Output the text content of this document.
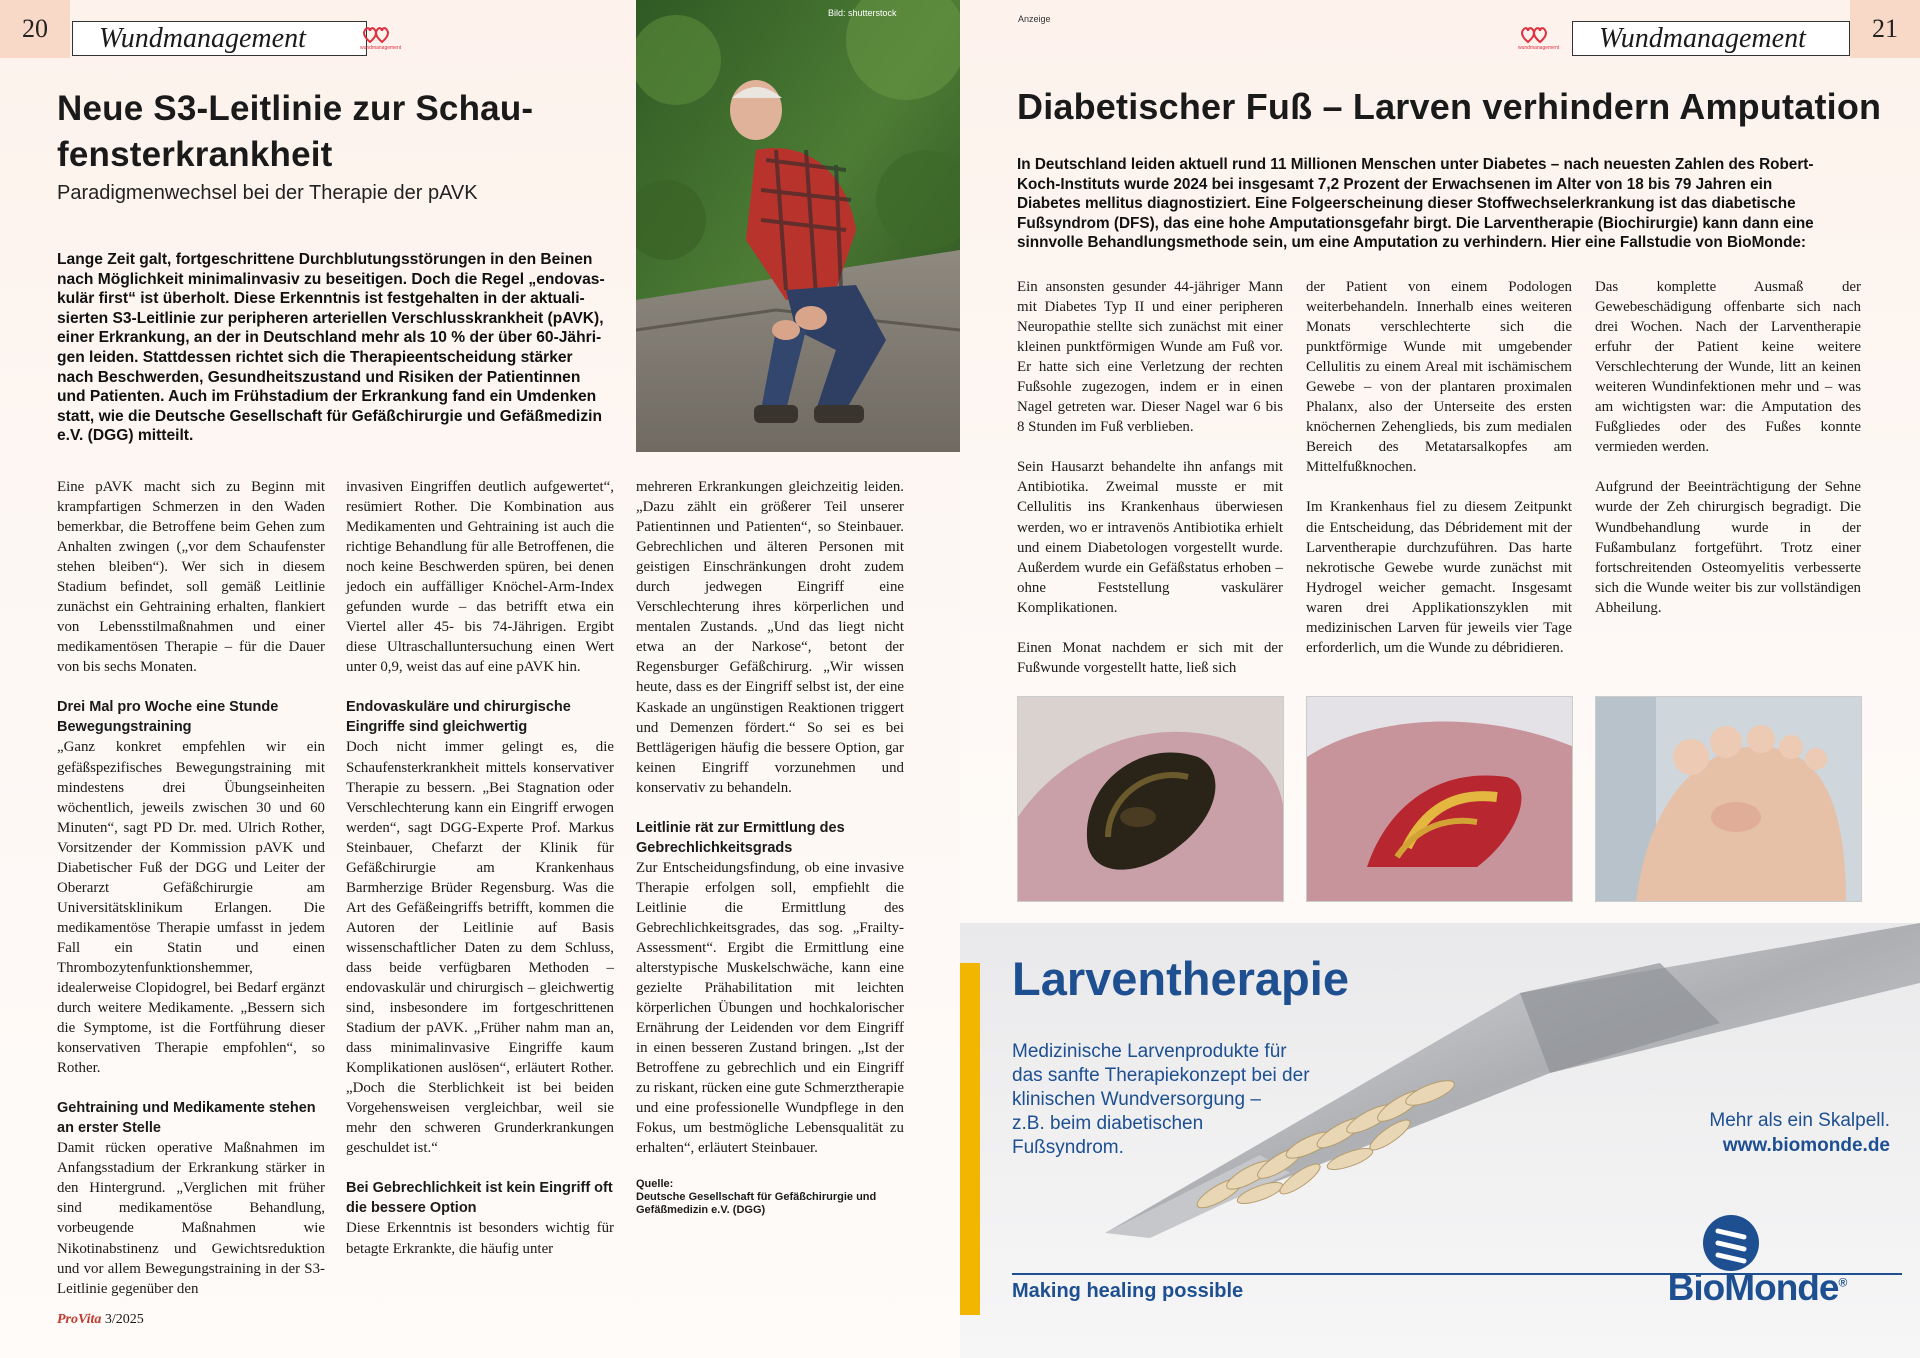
20	Wundmanagement	wundmanagement
Neue S3-Leitlinie zur Schau-
fensterkrankheit
Paradigmenwechsel bei der Therapie der pAVK
Bild: shutterstock
Lange Zeit galt, fortgeschrittene Durchblutungsstörungen in den Beinen
nach Möglichkeit minimalinvasiv zu beseitigen. Doch die Regel „endovas-
kulär first“ ist überholt. Diese Erkenntnis ist festgehalten in der aktuali-
sierten S3-Leitlinie zur peripheren arteriellen Verschlusskrankheit (pAVK),
einer Erkrankung, an der in Deutschland mehr als 10 % der über 60-Jähri-
gen leiden. Stattdessen richtet sich die Therapieentscheidung stärker
nach Beschwerden, Gesundheitszustand und Risiken der Patientinnen
und Patienten. Auch im Frühstadium der Erkrankung fand ein Umdenken
statt, wie die Deutsche Gesellschaft für Gefäßchirurgie und Gefäßmedizin
e.V. (DGG) mitteilt.

Eine pAVK macht sich zu Beginn mit krampfartigen Schmerzen in den Waden bemerkbar, die Betroffene beim Gehen zum Anhalten zwingen („vor dem Schaufenster stehen bleiben“). Wer sich in diesem Stadium befindet, soll gemäß Leitlinie zunächst ein Gehtraining erhalten, flankiert von Lebensstilmaßnahmen und einer medikamentösen Therapie – für die Dauer von bis sechs Monaten.

Drei Mal pro Woche eine Stunde Bewegungstraining

„Ganz konkret empfehlen wir ein gefäßspezifisches Bewegungstraining mit mindestens drei Übungseinheiten wöchentlich, jeweils zwischen 30 und 60 Minuten“, sagt PD Dr. med. Ulrich Rother, Vorsitzender der Kommission pAVK und Diabetischer Fuß der DGG und Leiter der Oberarzt Gefäßchirurgie am Universitätsklinikum Erlangen. Die medikamentöse Therapie umfasst in jedem Fall ein Statin und einen Thrombozytenfunktionshemmer, idealerweise Clopidogrel, bei Bedarf ergänzt durch weitere Medikamente. „Bessern sich die Symptome, ist die Fortführung dieser konservativen Therapie empfohlen“, so Rother.

Gehtraining und Medikamente stehen an erster Stelle

Damit rücken operative Maßnahmen im Anfangsstadium der Erkrankung stärker in den Hintergrund. „Verglichen mit früher sind medikamentöse Behandlung, vorbeugende Maßnahmen wie Nikotinabstinenz und Gewichtsreduktion und vor allem Bewegungstraining in der S3-Leitlinie gegenüber den

invasiven Eingriffen deutlich aufgewertet“, resümiert Rother. Die Kombination aus Medikamenten und Gehtraining ist auch die richtige Behandlung für alle Betroffenen, die noch keine Beschwerden spüren, bei denen jedoch ein auffälliger Knöchel-Arm-Index gefunden wurde – das betrifft etwa ein Viertel aller 45- bis 74-Jährigen. Ergibt diese Ultraschalluntersuchung einen Wert unter 0,9, weist das auf eine pAVK hin.

Endovaskuläre und chirurgische Eingriffe sind gleichwertig

Doch nicht immer gelingt es, die Schaufensterkrankheit mittels konservativer Therapie zu bessern. „Bei Stagnation oder Verschlechterung kann ein Eingriff erwogen werden“, sagt DGG-Experte Prof. Markus Steinbauer, Chefarzt der Klinik für Gefäßchirurgie am Krankenhaus Barmherzige Brüder Regensburg. Was die Art des Gefäßeingriffs betrifft, kommen die Autoren der Leitlinie auf Basis wissenschaftlicher Daten zu dem Schluss, dass beide verfügbaren Methoden – endovaskulär und chirurgisch – gleichwertig sind, insbesondere im fortgeschrittenen Stadium der pAVK. „Früher nahm man an, dass minimalinvasive Eingriffe kaum Komplikationen auslösen“, erläutert Rother. „Doch die Sterblichkeit ist bei beiden Vorgehensweisen vergleichbar, weil sie mehr den schweren Grunderkrankungen geschuldet ist.“

Bei Gebrechlichkeit ist kein Eingriff oft die bessere Option

Diese Erkenntnis ist besonders wichtig für betagte Erkrankte, die häufig unter

mehreren Erkrankungen gleichzeitig leiden. „Dazu zählt ein größerer Teil unserer Patientinnen und Patienten“, so Steinbauer. Gebrechlichen und älteren Personen mit geistigen Einschränkungen droht zudem durch jedwegen Eingriff eine Verschlechterung ihres körperlichen und mentalen Zustands. „Und das liegt nicht etwa an der Narkose“, betont der Regensburger Gefäßchirurg. „Wir wissen heute, dass es der Eingriff selbst ist, der eine Kaskade an ungünstigen Reaktionen triggert und Demenzen fördert.“ So sei es bei Bettlägerigen häufig die bessere Option, gar keinen Eingriff vorzunehmen und konservativ zu behandeln.

Leitlinie rät zur Ermittlung des Gebrechlichkeitsgrads

Zur Entscheidungsfindung, ob eine invasive Therapie erfolgen soll, empfiehlt die Leitlinie die Ermittlung des Gebrechlichkeitsgrades, das sog. „Frailty-Assessment“. Ergibt die Ermittlung eine alterstypische Muskelschwäche, kann eine gezielte Prähabilitation mit leichten körperlichen Übungen und hochkalorischer Ernährung der Leidenden vor dem Eingriff in einen besseren Zustand bringen. „Ist der Betroffene zu gebrechlich und ein Eingriff zu riskant, rücken eine gute Schmerztherapie und eine professionelle Wundpflege in den Fokus, um bestmögliche Lebensqualität zu erhalten“, erläutert Steinbauer.

Quelle:
Deutsche Gesellschaft für Gefäßchirurgie und Gefäßmedizin e.V. (DGG)
ProVita 3/2025
Anzeige
wundmanagement	Wundmanagement	21
Diabetischer Fuß – Larven verhindern Amputation
In Deutschland leiden aktuell rund 11 Millionen Menschen unter Diabetes – nach neuesten Zahlen des Robert-
Koch-Instituts wurde 2024 bei insgesamt 7,2 Prozent der Erwachsenen im Alter von 18 bis 79 Jahren ein
Diabetes mellitus diagnostiziert. Eine Folgeerscheinung dieser Stoffwechselerkrankung ist das diabetische
Fußsyndrom (DFS), das eine hohe Amputationsgefahr birgt. Die Larventherapie (Biochirurgie) kann dann eine
sinnvolle Behandlungsmethode sein, um eine Amputation zu verhindern. Hier eine Fallstudie von BioMonde:

Ein ansonsten gesunder 44-jähriger Mann mit Diabetes Typ II und einer peripheren Neuropathie stellte sich zunächst mit einer kleinen punktförmigen Wunde am Fuß vor. Er hatte sich eine Verletzung der rechten Fußsohle zugezogen, indem er in einen Nagel getreten war. Dieser Nagel war 6 bis 8 Stunden im Fuß verblieben.

Sein Hausarzt behandelte ihn anfangs mit Antibiotika. Zweimal musste er mit Cellulitis ins Krankenhaus überwiesen werden, wo er intravenös Antibiotika erhielt und einem Diabetologen vorgestellt wurde. Außerdem wurde ein Gefäßstatus erhoben – ohne Feststellung vaskulärer Komplikationen.

Einen Monat nachdem er sich mit der Fußwunde vorgestellt hatte, ließ sich

der Patient von einem Podologen weiterbehandeln. Innerhalb eines weiteren Monats verschlechterte sich die punktförmige Wunde mit umgebender Cellulitis zu einem Areal mit ischämischem Gewebe – von der plantaren proximalen Phalanx, also der Unterseite des ersten knöchernen Zehenglieds, bis zum medialen Bereich des Metatarsalkopfes am Mittelfußknochen.

Im Krankenhaus fiel zu diesem Zeitpunkt die Entscheidung, das Débridement mit der Larventherapie durchzuführen. Das harte nekrotische Gewebe wurde zunächst mit Hydrogel weicher gemacht. Insgesamt waren drei Applikationszyklen mit medizinischen Larven für jeweils vier Tage erforderlich, um die Wunde zu débridieren.

Das komplette Ausmaß der Gewebeschädigung offenbarte sich nach drei Wochen. Nach der Larventherapie erfuhr der Patient keine weitere Verschlechterung der Wunde, litt an keinen weiteren Wundinfektionen mehr und – was am wichtigsten war: die Amputation des Fußgliedes oder des Fußes konnte vermieden werden.

Aufgrund der Beeinträchtigung der Sehne wurde der Zeh chirurgisch begradigt. Die Wundbehandlung wurde in der Fußambulanz fortgeführt. Trotz einer fortschreitenden Osteomyelitis verbesserte sich die Wunde weiter bis zur vollständigen Abheilung.

Larventherapie
Medizinische Larvenprodukte für
das sanfte Therapiekonzept bei der
klinischen Wundversorgung –
z.B. beim diabetischen
Fußsyndrom.
Mehr als ein Skalpell.
www.biomonde.de
Making healing possible	BioMonde®
